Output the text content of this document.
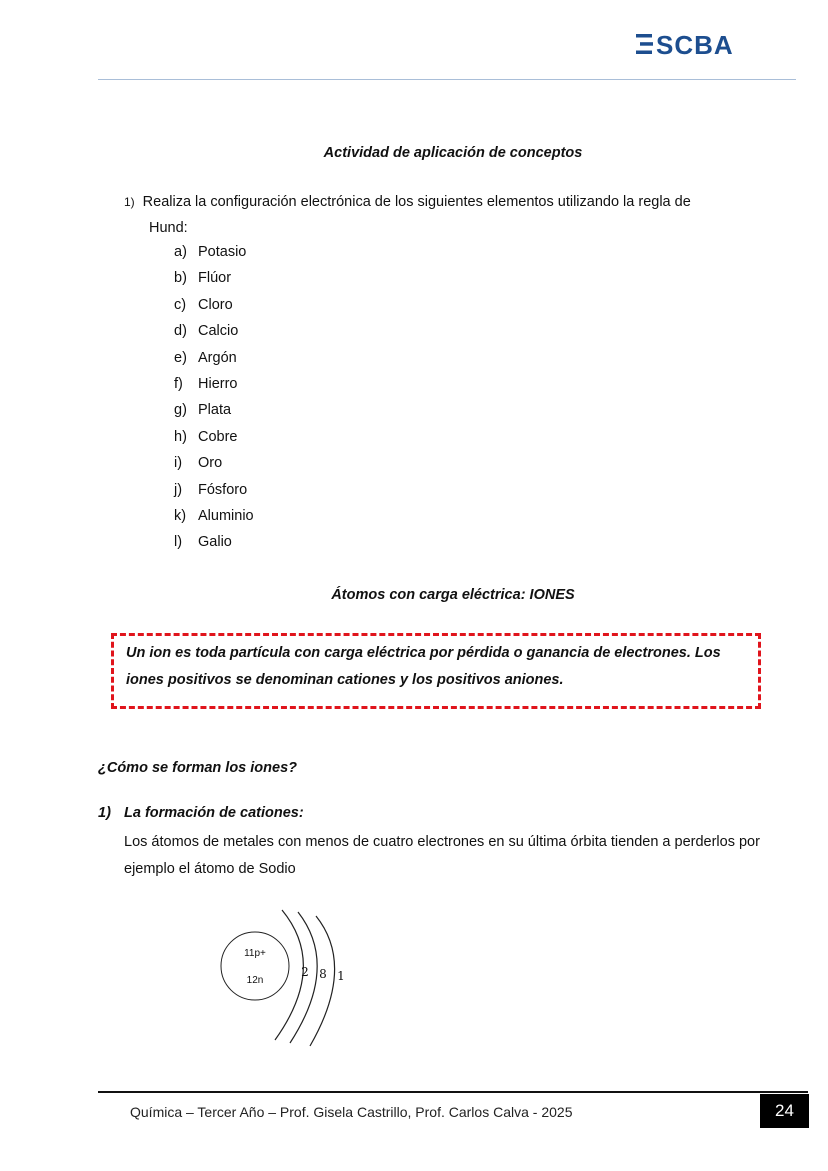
SCBA
Actividad de aplicación de conceptos
1) Realiza la configuración electrónica de los siguientes elementos utilizando la regla de
Hund:
a) Potasio
b) Flúor
c) Cloro
d) Calcio
e) Argón
f) Hierro
g) Plata
h) Cobre
i) Oro
j) Fósforo
k) Aluminio
l) Galio
Átomos con carga eléctrica: IONES
Un ion es toda partícula con carga eléctrica por pérdida o ganancia de electrones. Los iones positivos se denominan cationes y los positivos aniones.
¿Cómo se forman los iones?
1) La formación de cationes:
Los átomos de metales con menos de cuatro electrones en su última órbita tienden a perderlos por ejemplo el átomo de Sodio
11p+
12n
2 8 1
Química – Tercer Año – Prof. Gisela Castrillo, Prof. Carlos Calva - 2025	24
